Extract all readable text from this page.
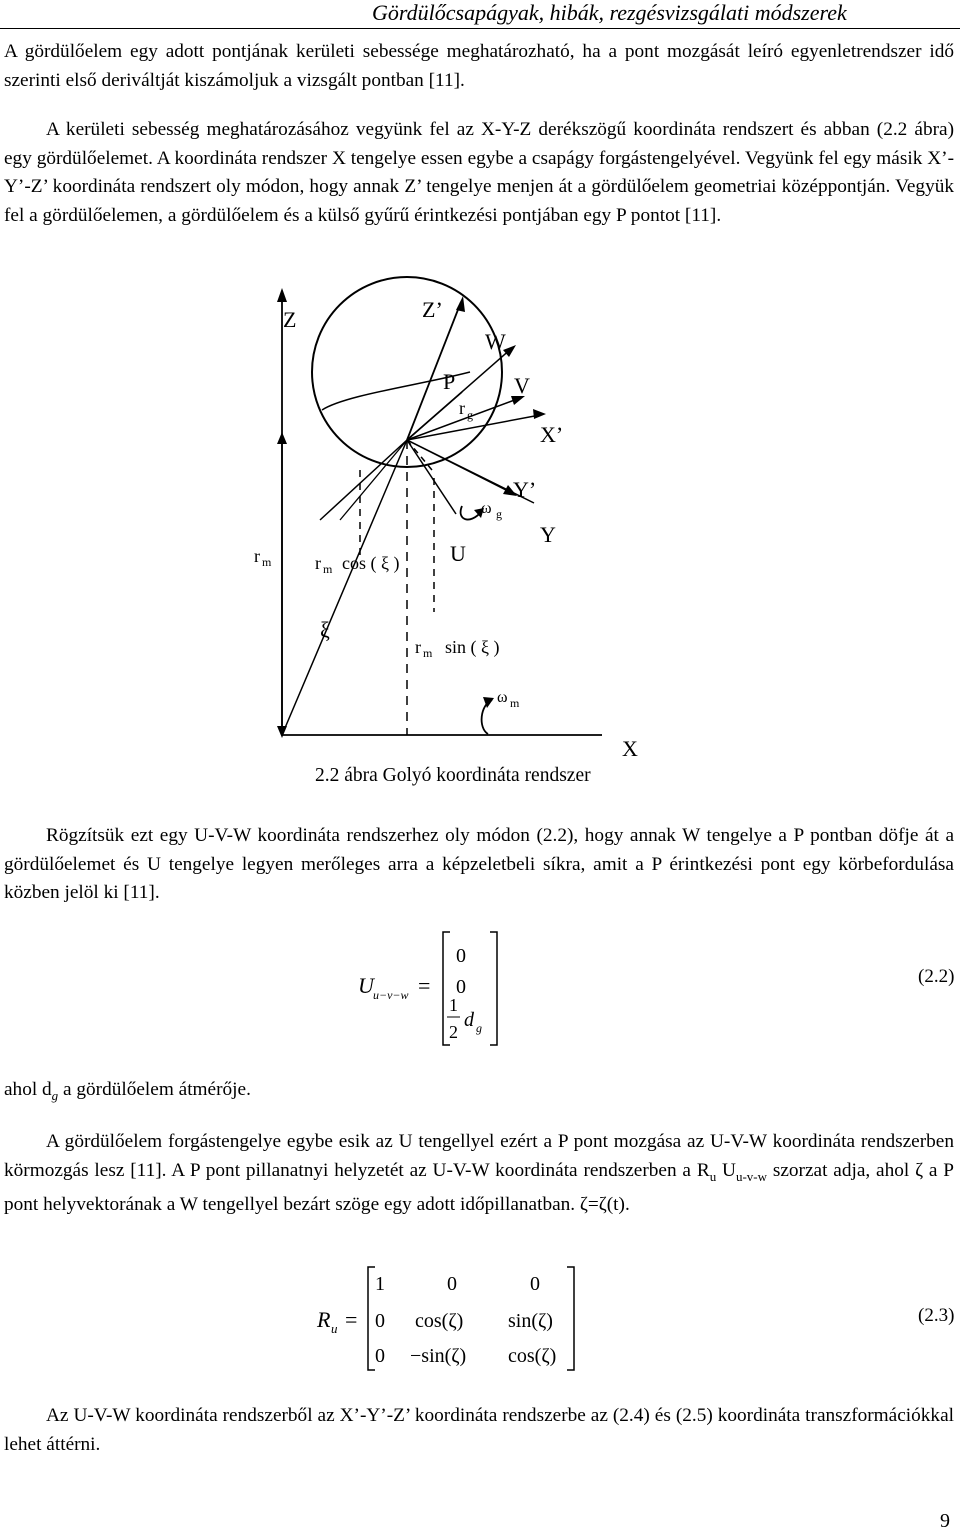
Gördülőcsapágyak, hibák, rezgésvizsgálati módszerek

A gördülőelem egy adott pontjának kerületi sebessége meghatározható, ha a pont mozgását leíró egyenletrendszer idő szerinti első deriváltját kiszámoljuk a vizsgált pontban [11].

A kerületi sebesség meghatározásához vegyünk fel az X-Y-Z derékszögű koordináta rendszert és abban (2.2 ábra) egy gördülőelemet. A koordináta rendszer X tengelye essen egybe a csapágy forgástengelyével. Vegyünk fel egy másik X’-Y’-Z’ koordináta rendszert oly módon, hogy annak Z’ tengelye menjen át a gördülőelem geometriai középpontján. Vegyük fel a gördülőelemen, a gördülőelem és a külső gyűrű érintkezési pontjában egy P pontot [11].

Z	Z’
W
P
r g
V
X’
Y’
Y
ω g
U
r m r m cos ( ξ )
ξ
r m sin ( ξ )
ω m
X
2.2 ábra Golyó koordináta rendszer

Rögzítsük ezt egy U-V-W koordináta rendszerhez oly módon (2.2), hogy annak W tengelye a P pontban döfje át a gördülőelemet és U tengelye legyen merőleges arra a képzeletbeli síkra, amit a P érintkezési pont egy körbefordulása közben jelöl ki [11].

U u−v−w =
0
0
1
2
d g
(2.2)

ahol $d_g$ a gördülőelem átmérője.

A gördülőelem forgástengelye egybe esik az U tengellyel ezért a P pont mozgása az U-V-W koordináta rendszerben körmozgás lesz [11]. A P pont pillanatnyi helyzetét az U-V-W koordináta rendszerben a $R_u$ $U_{u-v-w}$ szorzat adja, ahol ζ a P pont helyvektorának a W tengellyel bezárt szöge egy adott időpillanatban. ζ=ζ(t).

R u =
1	0	0
0 cos(ζ) sin(ζ)
0 −sin(ζ) cos(ζ)
(2.3)

Az U-V-W koordináta rendszerből az X’-Y’-Z’ koordináta rendszerbe az (2.4) és (2.5) koordináta transzformációkkal lehet áttérni.

9
